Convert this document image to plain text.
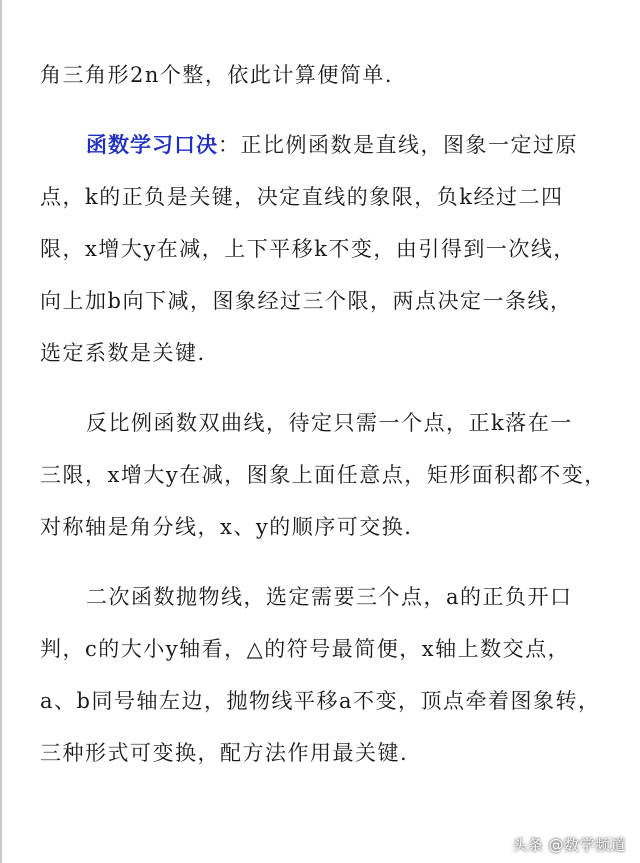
角三角形2n个整，依此计算便简单.
函数学习口决：正比例函数是直线，图象一定过原
点，k的正负是关键，决定直线的象限，负k经过二四
限，x增大y在减，上下平移k不变，由引得到一次线，
向上加b向下减，图象经过三个限，两点决定一条线，
选定系数是关键.
反比例函数双曲线，待定只需一个点，正k落在一
三限，x增大y在减，图象上面任意点，矩形面积都不变，
对称轴是角分线，x、y的顺序可交换.
二次函数抛物线，选定需要三个点，a的正负开口
判，c的大小y轴看，△的符号最简便，x轴上数交点，
a、b同号轴左边，抛物线平移a不变，顶点牵着图象转，
三种形式可变换，配方法作用最关键.
头条 @数学频道
